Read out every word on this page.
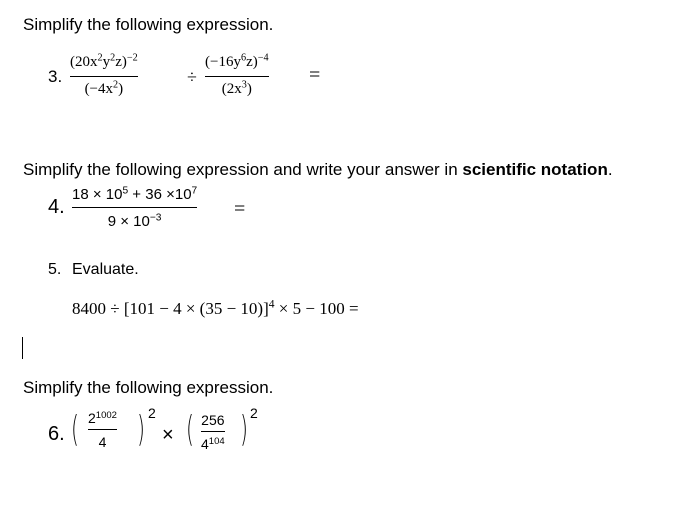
Simplify the following expression.
3.
$(20x^2y^2z)^{-2}$
$(-4x^2)$
÷
$(-16y^6z)^{-4}$
$(2x^3)$
=
Simplify the following expression and write your answer in scientific notation.
4.
$18 \times 10^5 + 36 \times 10^7$
$9 \times 10^{-3}$	=
5. Evaluate.
$8400 \div [101 - 4 \times (35 - 10)]^4 \times 5 - 100$ =
Simplify the following expression.
6. ( $2^{1002}$
4 ) 2
× ( 256
$4^{104}$ ) 2
